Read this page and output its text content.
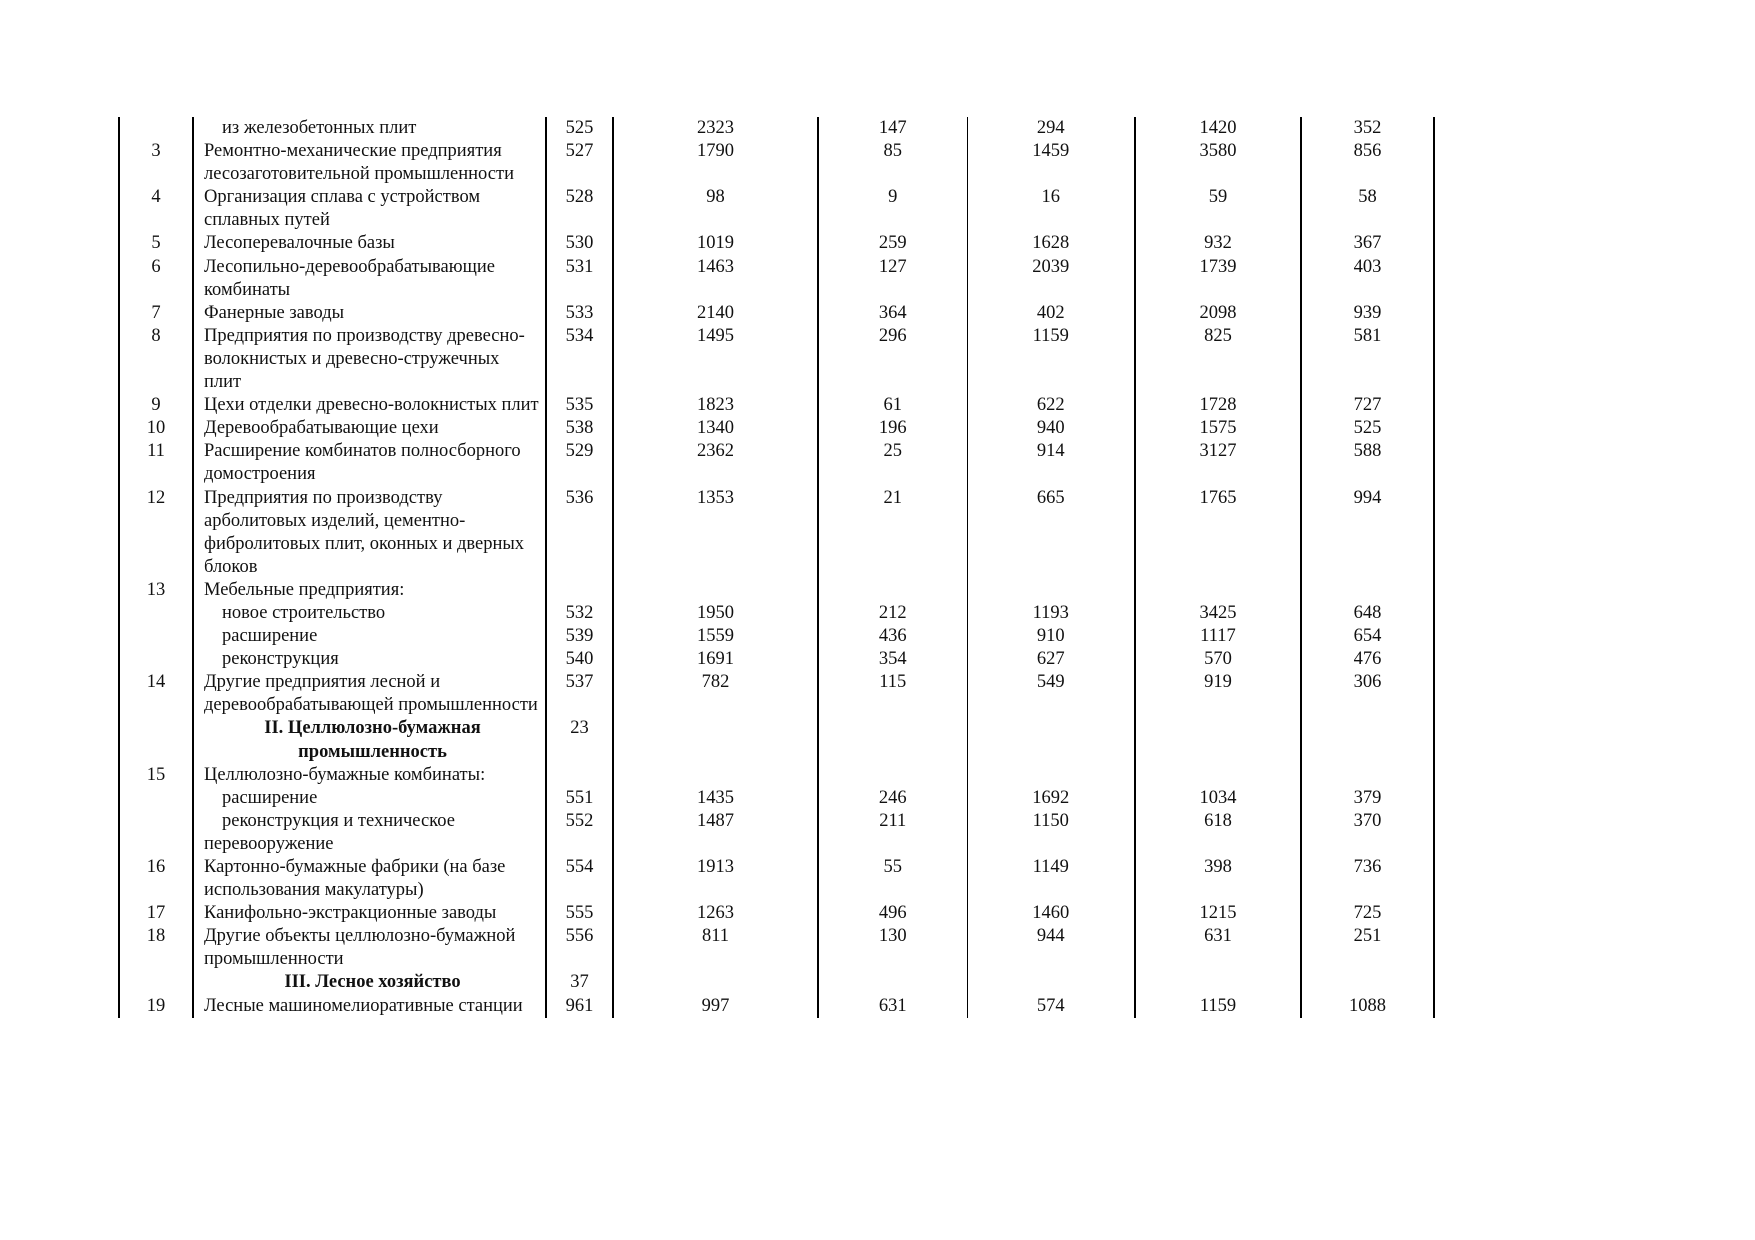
	из железобетонных плит	525	2323	147	294	1420	352
3	Ремонтно-механические предприятия лесозаготовительной промышленности	527	1790	85	1459	3580	856
4	Организация сплава с устройством сплавных путей	528	98	9	16	59	58
5	Лесоперевалочные базы	530	1019	259	1628	932	367
6	Лесопильно-деревообрабатывающие комбинаты	531	1463	127	2039	1739	403
7	Фанерные заводы	533	2140	364	402	2098	939
8	Предприятия по производству древесно-волокнистых и древесно-стружечных плит	534	1495	296	1159	825	581
9	Цехи отделки древесно-волокнистых плит	535	1823	61	622	1728	727
10	Деревообрабатывающие цехи	538	1340	196	940	1575	525
11	Расширение комбинатов полносборного домостроения	529	2362	25	914	3127	588
12	Предприятия по производству арболитовых изделий, цементно-фибролитовых плит, оконных и дверных блоков	536	1353	21	665	1765	994
13	Мебельные предприятия:						
	новое строительство	532	1950	212	1193	3425	648
	расширение	539	1559	436	910	1117	654
	реконструкция	540	1691	354	627	570	476
14	Другие предприятия лесной и деревообрабатывающей промышленности	537	782	115	549	919	306
	II. Целлюлозно-бумажная промышленность	23					
15	Целлюлозно-бумажные комбинаты:						
	расширение	551	1435	246	1692	1034	379
	реконструкция и техническое перевооружение	552	1487	211	1150	618	370
16	Картонно-бумажные фабрики (на базе использования макулатуры)	554	1913	55	1149	398	736
17	Канифольно-экстракционные заводы	555	1263	496	1460	1215	725
18	Другие объекты целлюлозно-бумажной промышленности	556	811	130	944	631	251
	III. Лесное хозяйство	37					
19	Лесные машиномелиоративные станции	961	997	631	574	1159	1088
